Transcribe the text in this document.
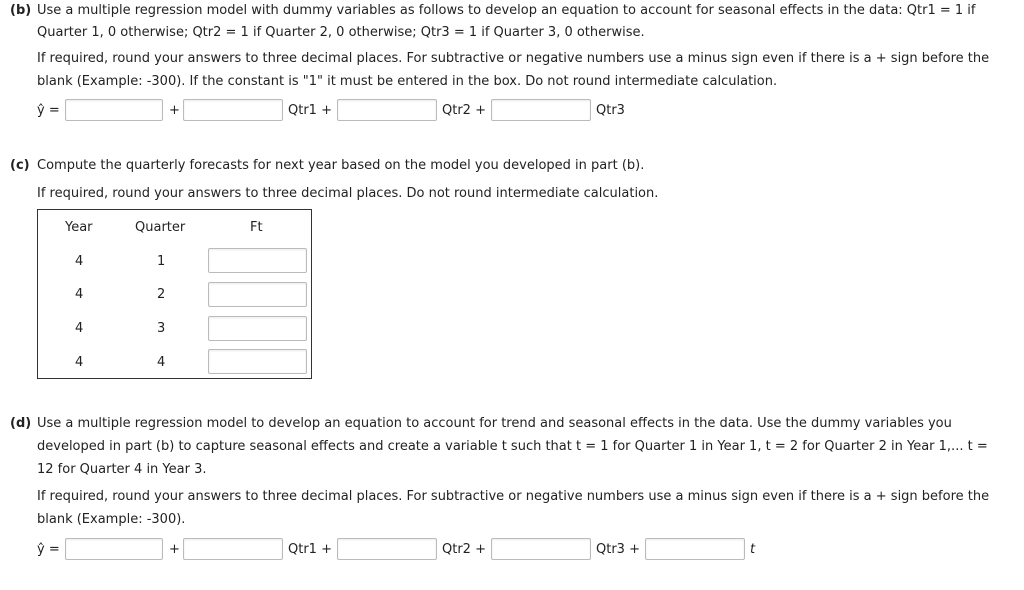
(b) Use a multiple regression model with dummy variables as follows to develop an equation to account for seasonal effects in the data: Qtr1 = 1 if
Quarter 1, 0 otherwise; Qtr2 = 1 if Quarter 2, 0 otherwise; Qtr3 = 1 if Quarter 3, 0 otherwise.
If required, round your answers to three decimal places. For subtractive or negative numbers use a minus sign even if there is a + sign before the
blank (Example: -300). If the constant is "1" it must be entered in the box. Do not round intermediate calculation.
ŷ =	+	Qtr1 +	Qtr2 +	Qtr3
(c) Compute the quarterly forecasts for next year based on the model you developed in part (b).
If required, round your answers to three decimal places. Do not round intermediate calculation.
Year	Quarter	Ft
4	1
4	2
4	3
4	4
(d) Use a multiple regression model to develop an equation to account for trend and seasonal effects in the data. Use the dummy variables you
developed in part (b) to capture seasonal effects and create a variable t such that t = 1 for Quarter 1 in Year 1, t = 2 for Quarter 2 in Year 1,... t =
12 for Quarter 4 in Year 3.
If required, round your answers to three decimal places. For subtractive or negative numbers use a minus sign even if there is a + sign before the
blank (Example: -300).
ŷ =	+	Qtr1 +	Qtr2 +	Qtr3 +	t
